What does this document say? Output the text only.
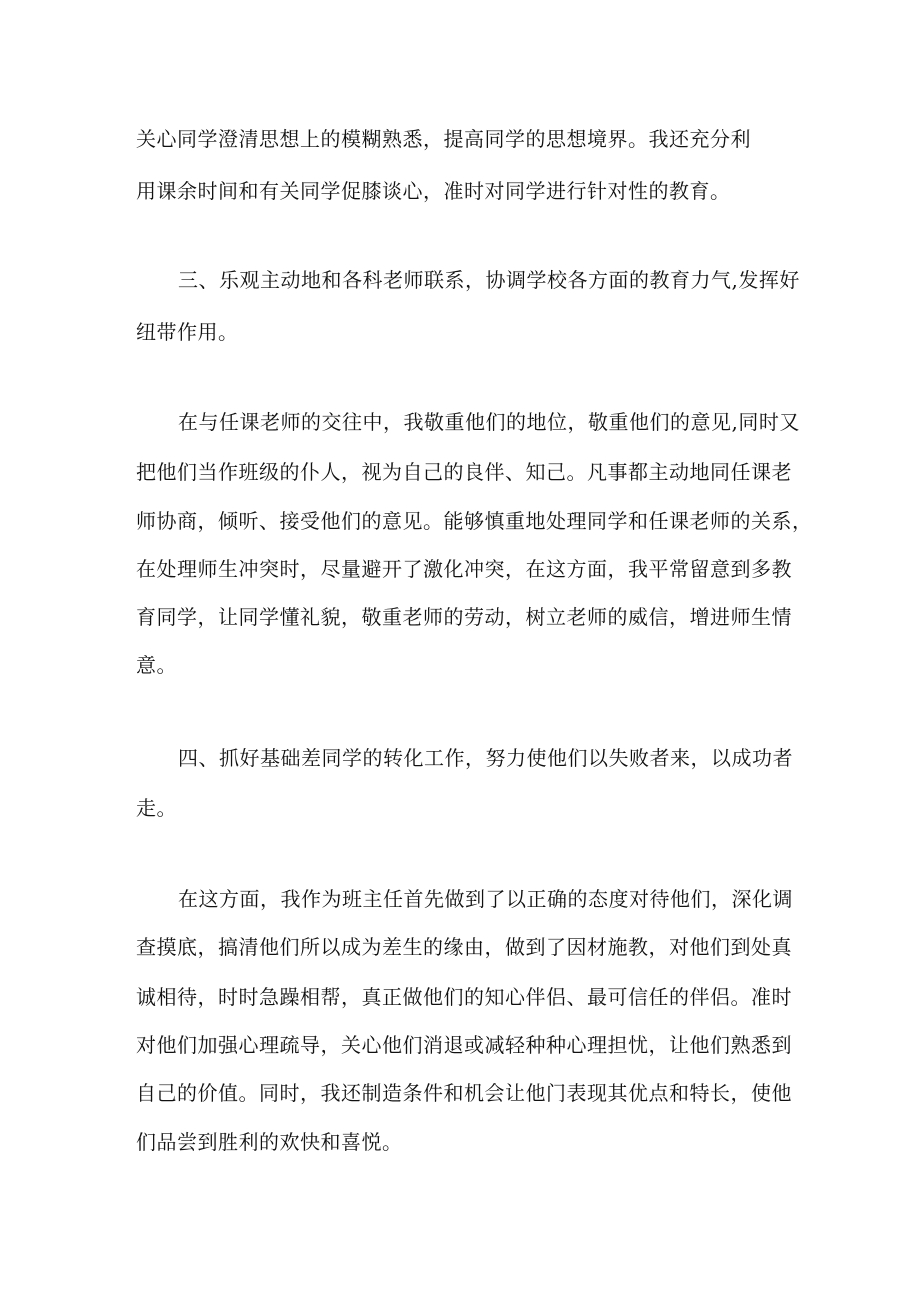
关心同学澄清思想上的模糊熟悉，提高同学的思想境界。我还充分利
用课余时间和有关同学促膝谈心，准时对同学进行针对性的教育。
三、乐观主动地和各科老师联系，协调学校各方面的教育力气,发挥好
纽带作用。
在与任课老师的交往中，我敬重他们的地位，敬重他们的意见,同时又
把他们当作班级的仆人，视为自己的良伴、知己。凡事都主动地同任课老
师协商，倾听、接受他们的意见。能够慎重地处理同学和任课老师的关系，
在处理师生冲突时，尽量避开了激化冲突，在这方面，我平常留意到多教
育同学，让同学懂礼貌，敬重老师的劳动，树立老师的威信，增进师生情
意。
四、抓好基础差同学的转化工作，努力使他们以失败者来，以成功者
走。
在这方面，我作为班主任首先做到了以正确的态度对待他们，深化调
查摸底，搞清他们所以成为差生的缘由，做到了因材施教，对他们到处真
诚相待，时时急躁相帮，真正做他们的知心伴侣、最可信任的伴侣。准时
对他们加强心理疏导，关心他们消退或减轻种种心理担忧，让他们熟悉到
自己的价值。同时，我还制造条件和机会让他门表现其优点和特长，使他
们品尝到胜利的欢快和喜悦。
